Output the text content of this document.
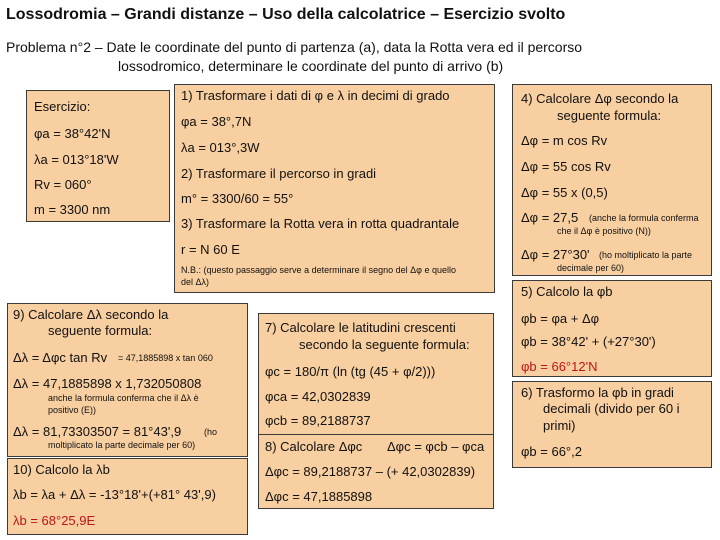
Lossodromia – Grandi distanze – Uso della calcolatrice – Esercizio svolto
Problema n°2 – Date le coordinate del punto di partenza (a), data la Rotta vera ed il percorso
lossodromico, determinare le coordinate del punto di arrivo (b)
Esercizio:
φa = 38°42'N
λa = 013°18'W
Rv = 060°
m = 3300 nm
1) Trasformare i dati di φ e λ in decimi di grado
φa = 38°,7N
λa = 013°,3W
2) Trasformare il percorso in gradi
m° = 3300/60 = 55°
3) Trasformare la Rotta vera in rotta quadrantale
r = N 60 E
N.B.: (questo passaggio serve a determinare il segno del Δφ e quello
del Δλ)
4) Calcolare Δφ secondo la
seguente formula:
Δφ = m cos Rv
Δφ = 55 cos Rv
Δφ = 55 x (0,5)
Δφ = 27,5 (anche la formula conferma
che il Δφ è positivo (N))
Δφ = 27°30' (ho moltiplicato la parte
decimale per 60)
5) Calcolo la φb
φb = φa + Δφ
φb = 38°42' + (+27°30')
φb = 66°12'N
6) Trasformo la φb in gradi
decimali (divido per 60 i
primi)
φb = 66°,2
7) Calcolare le latitudini crescenti
secondo la seguente formula:
φc = 180/π (ln (tg (45 + φ/2)))
φca = 42,0302839
φcb = 89,2188737
8) Calcolare Δφc Δφc = φcb – φca
Δφc = 89,2188737 – (+ 42,0302839)
Δφc = 47,1885898
9) Calcolare Δλ secondo la
seguente formula:
Δλ = Δφc tan Rv = 47,1885898 x tan 060
Δλ = 47,1885898 x 1,732050808
anche la formula conferma che il Δλ è
positivo (E))
Δλ = 81,73303507 = 81°43',9	(ho
moltiplicato la parte decimale per 60)
10) Calcolo la λb
λb = λa + Δλ = -13°18'+(+81° 43',9)
λb = 68°25,9E
